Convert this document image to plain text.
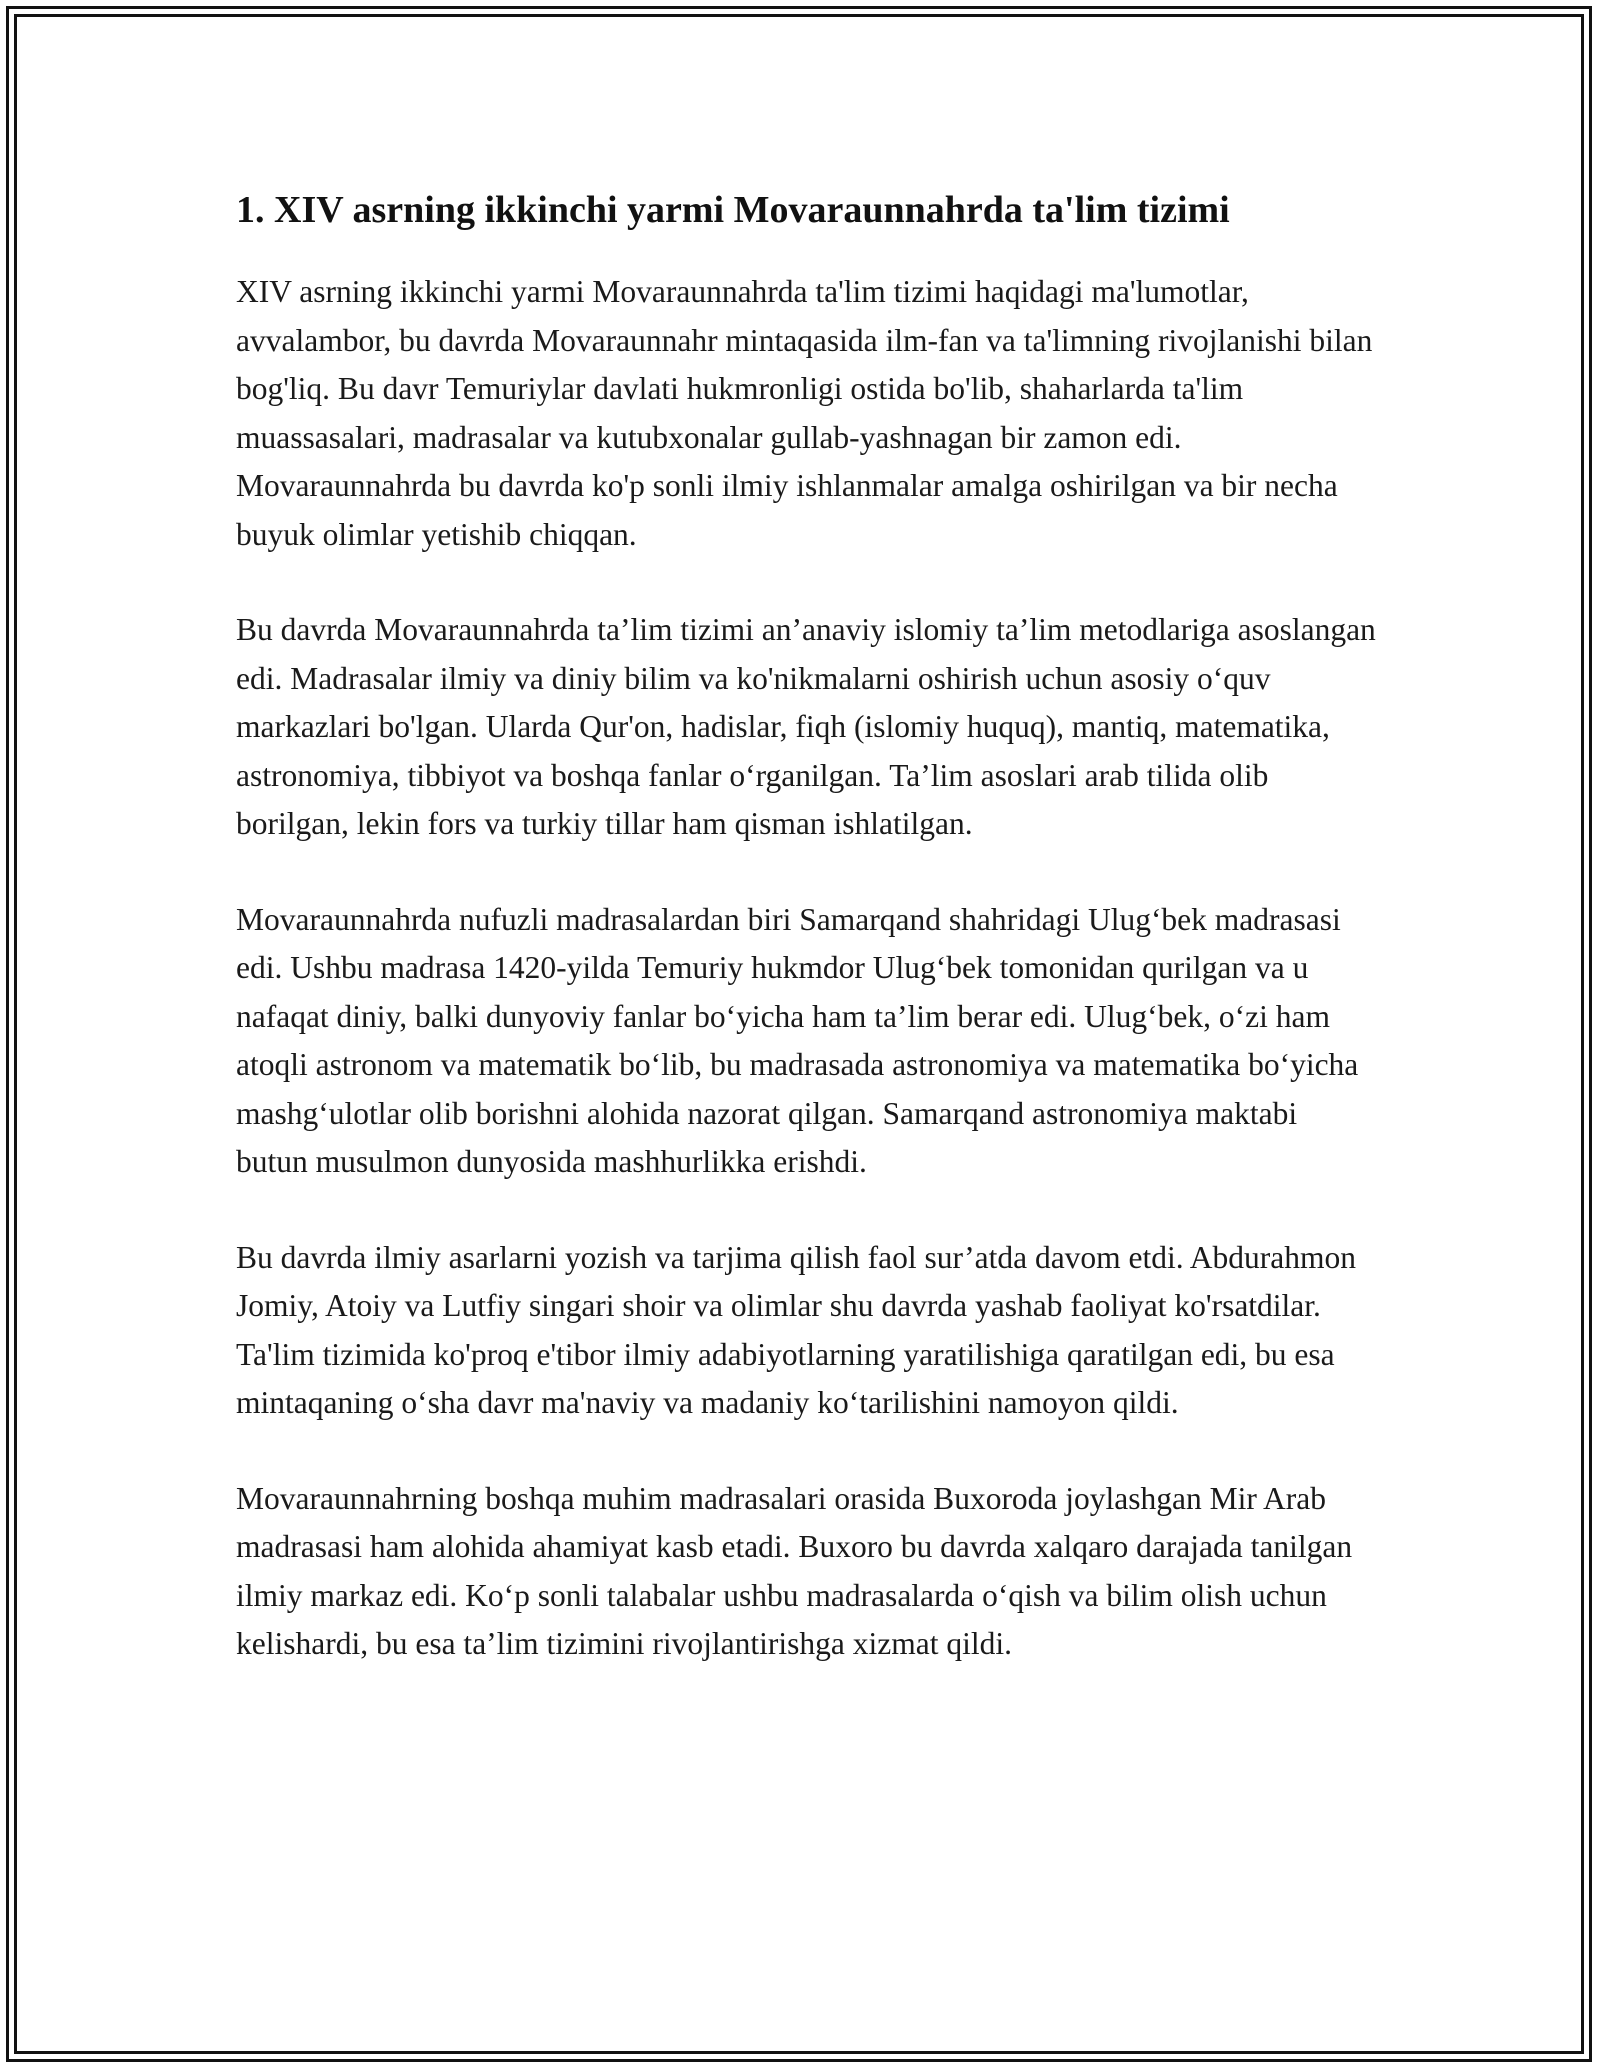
1. XIV asrning ikkinchi yarmi Movaraunnahrda ta'lim tizimi

XIV asrning ikkinchi yarmi Movaraunnahrda ta'lim tizimi haqidagi ma'lumotlar, avvalambor, bu davrda Movaraunnahr mintaqasida ilm-fan va ta'limning rivojlanishi bilan bog'liq. Bu davr Temuriylar davlati hukmronligi ostida bo'lib, shaharlarda ta'lim muassasalari, madrasalar va kutubxonalar gullab-yashnagan bir zamon edi. Movaraunnahrda bu davrda ko'p sonli ilmiy ishlanmalar amalga oshirilgan va bir necha buyuk olimlar yetishib chiqqan.

Bu davrda Movaraunnahrda ta’lim tizimi an’anaviy islomiy ta’lim metodlariga asoslangan edi. Madrasalar ilmiy va diniy bilim va ko'nikmalarni oshirish uchun asosiy o‘quv markazlari bo'lgan. Ularda Qur'on, hadislar, fiqh (islomiy huquq), mantiq, matematika, astronomiya, tibbiyot va boshqa fanlar o‘rganilgan. Ta’lim asoslari arab tilida olib borilgan, lekin fors va turkiy tillar ham qisman ishlatilgan.

Movaraunnahrda nufuzli madrasalardan biri Samarqand shahridagi Ulug‘bek madrasasi edi. Ushbu madrasa 1420-yilda Temuriy hukmdor Ulug‘bek tomonidan qurilgan va u nafaqat diniy, balki dunyoviy fanlar bo‘yicha ham ta’lim berar edi. Ulug‘bek, o‘zi ham atoqli astronom va matematik bo‘lib, bu madrasada astronomiya va matematika bo‘yicha mashg‘ulotlar olib borishni alohida nazorat qilgan. Samarqand astronomiya maktabi butun musulmon dunyosida mashhurlikka erishdi.

Bu davrda ilmiy asarlarni yozish va tarjima qilish faol sur’atda davom etdi. Abdurahmon Jomiy, Atoiy va Lutfiy singari shoir va olimlar shu davrda yashab faoliyat ko'rsatdilar. Ta'lim tizimida ko'proq e'tibor ilmiy adabiyotlarning yaratilishiga qaratilgan edi, bu esa mintaqaning o‘sha davr ma'naviy va madaniy ko‘tarilishini namoyon qildi.

Movaraunnahrning boshqa muhim madrasalari orasida Buxoroda joylashgan Mir Arab madrasasi ham alohida ahamiyat kasb etadi. Buxoro bu davrda xalqaro darajada tanilgan ilmiy markaz edi. Ko‘p sonli talabalar ushbu madrasalarda o‘qish va bilim olish uchun kelishardi, bu esa ta’lim tizimini rivojlantirishga xizmat qildi.
